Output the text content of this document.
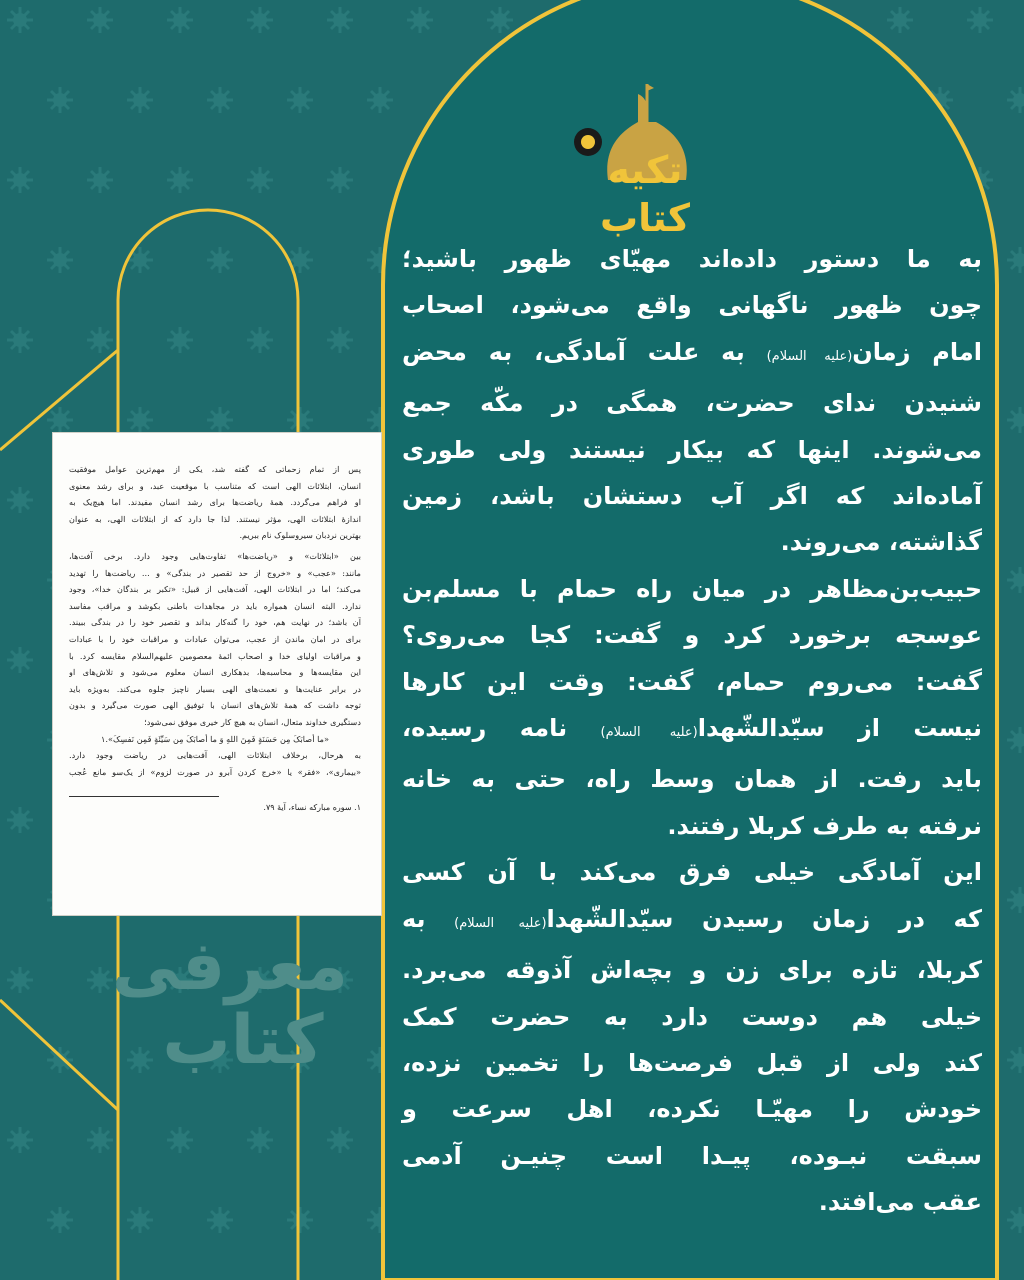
تکیه کتاب
پس از تمام زحماتی که گفته شد، یکی از مهم‌ترین عوامل موفقیت
انسان، ابتلائات الهی است که متناسب با موقعیت عبد، و برای رشد معنوی
او فراهم می‌گردد. همهٔ ریاضت‌ها برای رشد انسان مفیدند. اما هیچ‌یک به
اندازهٔ ابتلائات الهی، مؤثر نیستند. لذا جا دارد که از ابتلائات الهی، به عنوان
بهترین نردبان سیروسلوک نام ببریم.
بین «ابتلائات» و «ریاضت‌ها» تفاوت‌هایی وجود دارد. برخی آفت‌ها،
مانند: «عجب» و «خروج از حد تقصیر در بندگی» و ... ریاضت‌ها را تهدید
می‌کند؛ اما در ابتلائات الهی، آفت‌هایی از قبیل: «تکبر بر بندگان خدا»، وجود
ندارد. البته انسان همواره باید در مجاهدات باطنی بکوشد و مراقب مفاسد
آن باشد؛ در نهایت هم، خود را گنه‌کار بداند و تقصیر خود را در بندگی ببیند.
برای در امان ماندن از عجب، می‌توان عبادات و مراقبات خود را با عبادات
و مراقبات اولیای خدا و اصحاب ائمهٔ معصومین علیهم‌السلام مقایسه کرد. با
این مقایسه‌ها و محاسبه‌ها، بدهکاری انسان معلوم می‌شود و تلاش‌های او
در برابر عنایت‌ها و نعمت‌های الهی بسیار ناچیز جلوه می‌کند. به‌ویژه باید
توجه داشت که همهٔ تلاش‌های انسان با توفیق الهی صورت می‌گیرد و بدون
دستگیری خداوند متعال، انسان به هیچ کار خیری موفق نمی‌شود؛
«ما أصابَکَ مِن حَسَنَةٍ فَمِنَ اللهِ وَ ما أصابَکَ مِن سَیِّئَةٍ فَمِن نَفسِکَ».۱
به هرحال، برخلاف ابتلائات الهی، آفت‌هایی در ریاضت وجود دارد.
«بیماری»، «فقر» یا «خرج کردن آبرو در صورت لزوم» از یک‌سو مانع عُجب
۱. سوره مبارکه نساء، آیهٔ ۷۹.
معرفی
کتاب
به ما دستور داده‌اند مهیّای ظهور باشید؛
چون ظهور ناگهانی واقع می‌شود، اصحاب
امام زمان(علیه السلام) به علت آمادگی، به محض
شنیدن ندای حضرت، همگی در مکّه جمع
می‌شوند. اینها که بیکار نیستند ولی طوری
آماده‌اند که اگر آب دستشان باشد، زمین
گذاشته، می‌روند.
حبیب‌بن‌مظاهر در میان راه حمام با مسلم‌بن
عوسجه برخورد کرد و گفت: کجا می‌روی؟
گفت: می‌روم حمام، گفت: وقت این کارها
نیست از سیّدالشّهدا(علیه السلام) نامه رسیده،
باید رفت. از همان وسط راه، حتی به خانه
نرفته به طرف کربلا رفتند.
این آمادگی خیلی فرق می‌کند با آن کسی
که در زمان رسیدن سیّدالشّهدا(علیه السلام) به
کربلا، تازه برای زن و بچه‌اش آذوقه می‌برد.
خیلی هم دوست دارد به حضرت کمک
کند ولی از قبل فرصت‌ها را تخمین نزده،
خودش را مهیّـا نکرده، اهل سرعت و
سبقت نبـوده، پیـدا است چنیـن آدمی
عقب می‌افتد.
